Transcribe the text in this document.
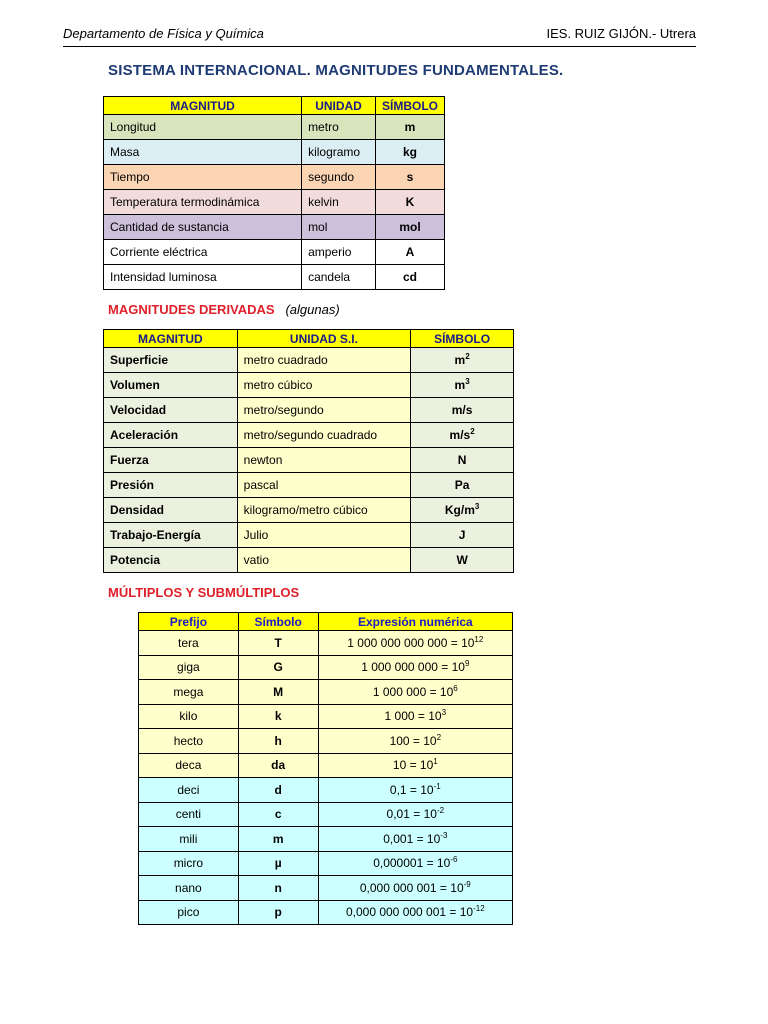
Departamento de Física y Química	IES. RUIZ GIJÓN.- Utrera
SISTEMA INTERNACIONAL. MAGNITUDES FUNDAMENTALES.
MAGNITUD	UNIDAD	SÍMBOLO
Longitud	metro	m
Masa	kilogramo	kg
Tiempo	segundo	s
Temperatura termodinámica	kelvin	K
Cantidad de sustancia	mol	mol
Corriente eléctrica	amperio	A
Intensidad luminosa	candela	cd
MAGNITUDES DERIVADAS (algunas)
MAGNITUD	UNIDAD S.I.	SÍMBOLO
Superficie	metro cuadrado	$m^2$
Volumen	metro cúbico	$m^3$
Velocidad	metro/segundo	m/s
Aceleración	metro/segundo cuadrado	$m/s^2$
Fuerza	newton	N
Presión	pascal	Pa
Densidad	kilogramo/metro cúbico	$Kg/m^3$
Trabajo-Energía	Julio	J
Potencia	vatio	W
MÚLTIPLOS Y SUBMÚLTIPLOS
Prefijo	Símbolo	Expresión numérica
tera	T	1 000 000 000 $000 = 10^{12}$
giga	G	1 000 000 $000 = 10^9$
mega	M	1 000 $000 = 10^6$
kilo	k	1 $000 = 10^3$
hecto	h	$100 = 10^2$
deca	da	$10 = 10^1$
deci	d	$0,1 = 10^{-1}$
centi	c	$0,01 = 10^{-2}$
mili	m	$0,001 = 10^{-3}$
micro	µ	$0,000001 = 10^{-6}$
nano	n	0,000 000 $001 = 10^{-9}$
pico	p	0,000 000 000 $001 = 10^{-12}$
